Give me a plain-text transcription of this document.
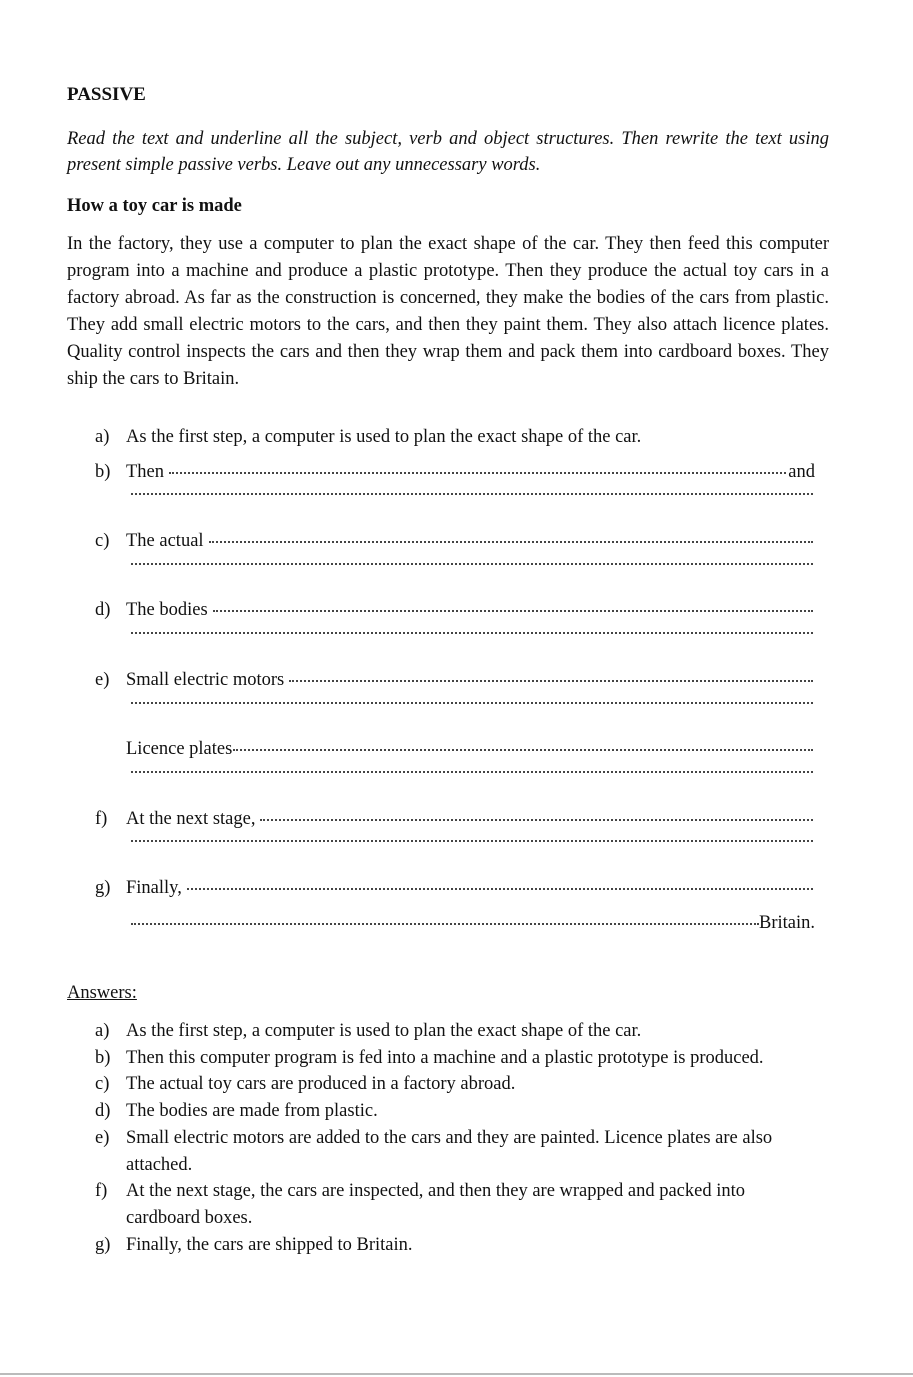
PASSIVE
Read the text and underline all the subject, verb and object structures. Then rewrite the text using present simple passive verbs. Leave out any unnecessary words.
How a toy car is made
In the factory, they use a computer to plan the exact shape of the car. They then feed this computer program into a machine and produce a plastic prototype. Then they produce the actual toy cars in a factory abroad. As far as the construction is concerned, they make the bodies of the cars from plastic. They add small electric motors to the cars, and then they paint them. They also attach licence plates. Quality control inspects the cars and then they wrap them and pack them into cardboard boxes. They ship the cars to Britain.
a) As the first step, a computer is used to plan the exact shape of the car.
b) Then	and
c) The actual
d) The bodies
e) Small electric motors
Licence plates
f)	At the next stage,
g) Finally,
Britain.
Answers:
a) As the first step, a computer is used to plan the exact shape of the car.
b) Then this computer program is fed into a machine and a plastic prototype is produced.
c) The actual toy cars are produced in a factory abroad.
d) The bodies are made from plastic.
e) Small electric motors are added to the cars and they are painted. Licence plates are also attached.
f)	At the next stage, the cars are inspected, and then they are wrapped and packed into cardboard boxes.
g) Finally, the cars are shipped to Britain.
